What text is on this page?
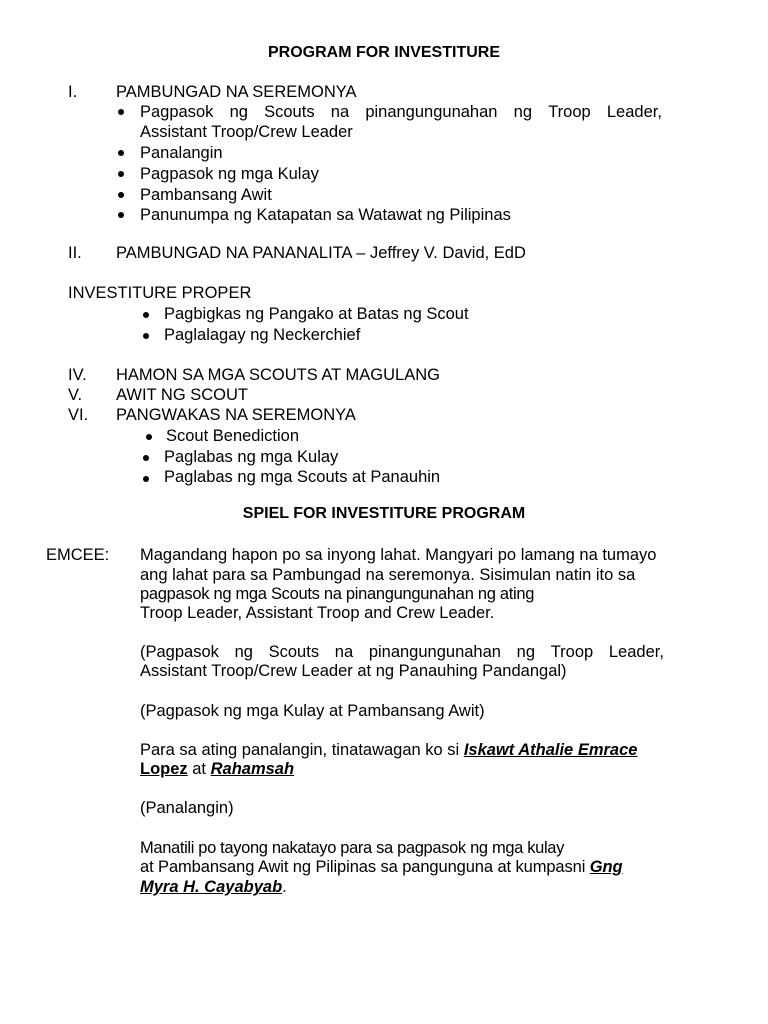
PROGRAM FOR INVESTITURE
I. PAMBUNGAD NA SEREMONYA
Pagpasok ng Scouts na pinangungunahan ng Troop Leader,
Assistant Troop/Crew Leader
Panalangin
Pagpasok ng mga Kulay
Pambansang Awit
Panunumpa ng Katapatan sa Watawat ng Pilipinas
II. PAMBUNGAD NA PANANALITA – Jeffrey V. David, EdD
INVESTITURE PROPER
Pagbigkas ng Pangako at Batas ng Scout
Paglalagay ng Neckerchief
IV. HAMON SA MGA SCOUTS AT MAGULANG
V. AWIT NG SCOUT
VI. PANGWAKAS NA SEREMONYA
Scout Benediction
Paglabas ng mga Kulay
Paglabas ng mga Scouts at Panauhin
SPIEL FOR INVESTITURE PROGRAM
EMCEE: Magandang hapon po sa inyong lahat. Mangyari po lamang na tumayo
ang lahat para sa Pambungad na seremonya. Sisimulan natin ito sa
pagpasok ng mga Scouts na pinangungunahan ng ating
Troop Leader, Assistant Troop and Crew Leader.
(Pagpasok ng Scouts na pinangungunahan ng Troop Leader,
Assistant Troop/Crew Leader at ng Panauhing Pandangal)
(Pagpasok ng mga Kulay at Pambansang Awit)
Para sa ating panalangin, tinatawagan ko si Iskawt Athalie Emrace
Lopez at Rahamsah
(Panalangin)
Manatili po tayong nakatayo para sa pagpasok ng mga kulay
at Pambansang Awit ng Pilipinas sa pangunguna at kumpasni Gng
Myra H. Cayabyab.
